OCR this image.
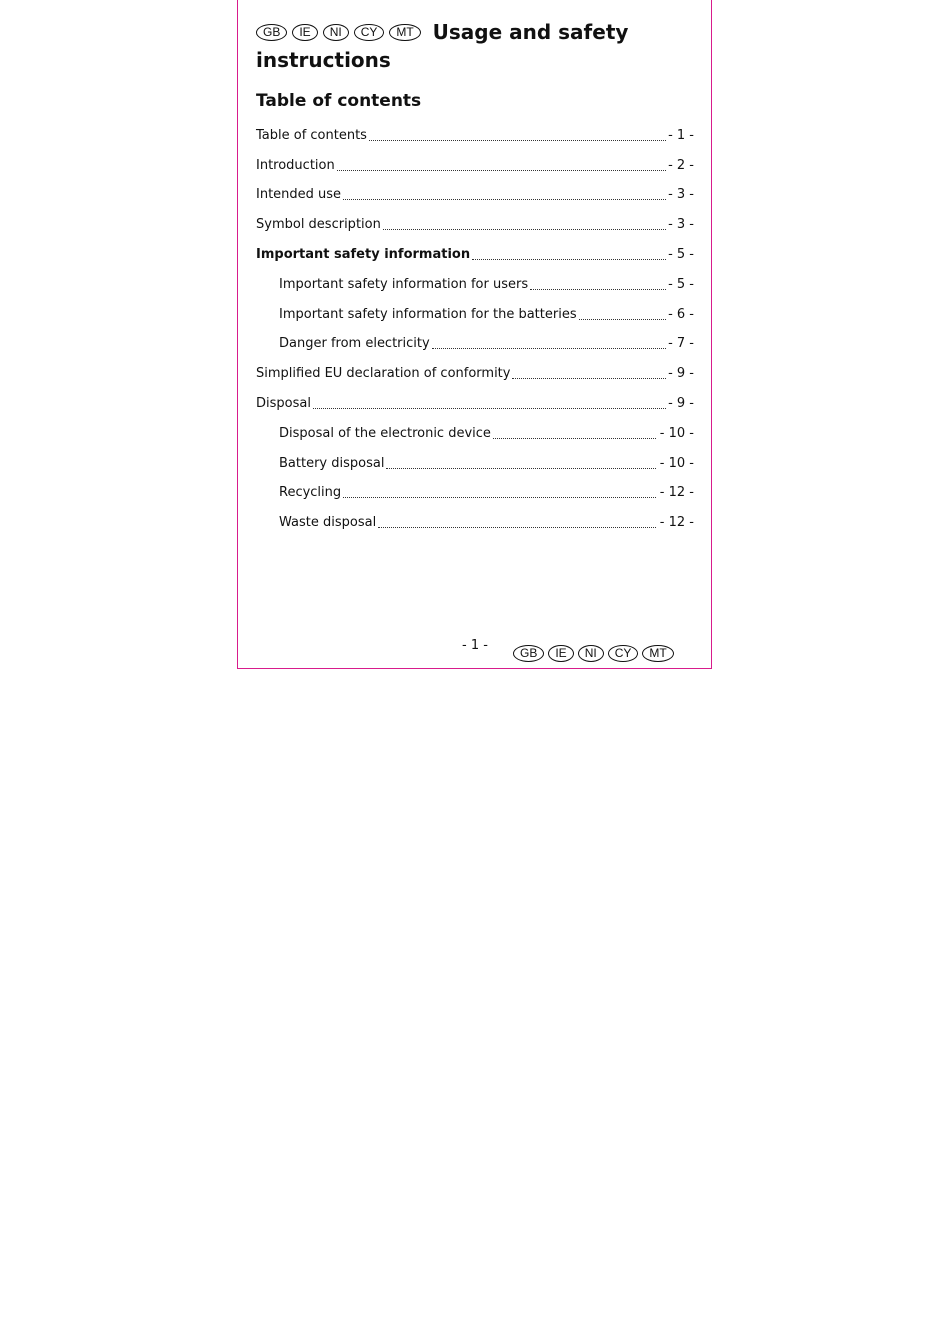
GB IE NI CY MT Usage and safety instructions
Table of contents
Table of contents	- 1 -
Introduction	- 2 -
Intended use	- 3 -
Symbol description	- 3 -
Important safety information	- 5 -
Important safety information for users	- 5 -
Important safety information for the batteries	- 6 -
Danger from electricity	- 7 -
Simplified EU declaration of conformity	- 9 -
Disposal	- 9 -
Disposal of the electronic device	- 10 -
Battery disposal	- 10 -
Recycling	- 12 -
Waste disposal	- 12 -
- 1 -	GB IE NI CY MT
